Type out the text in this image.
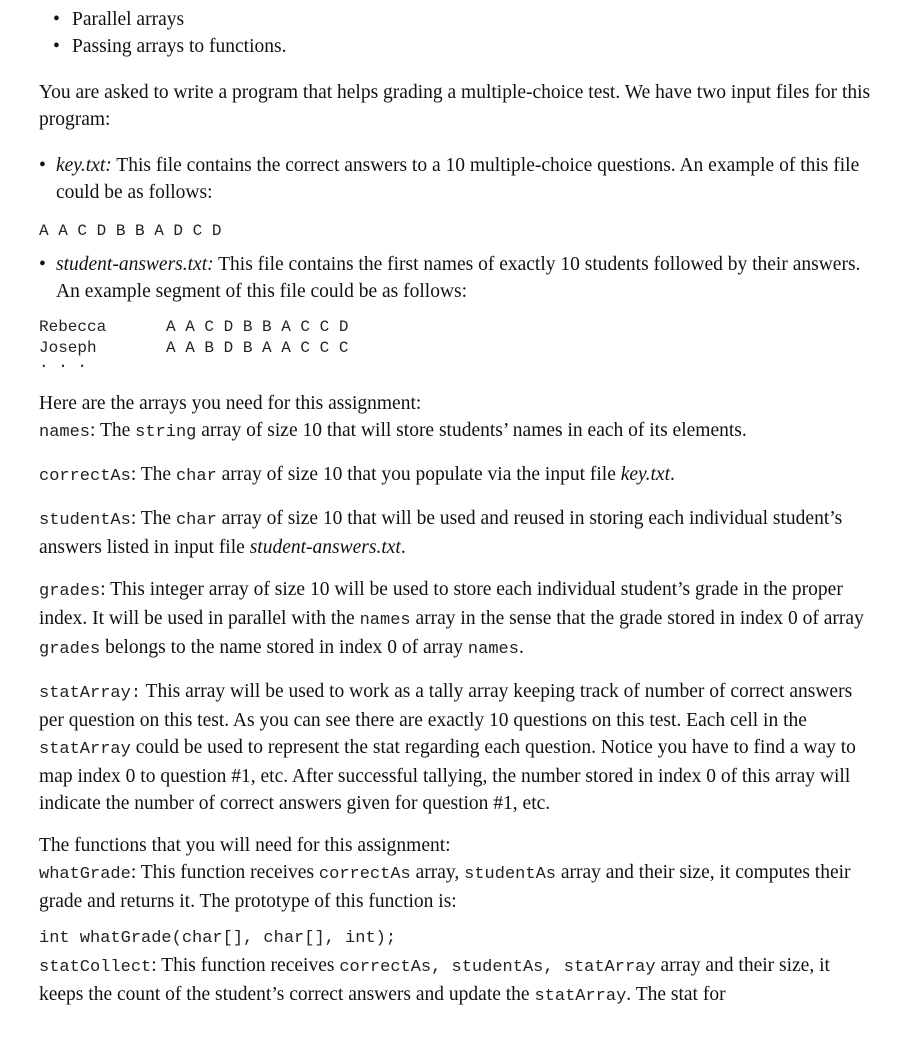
• Parallel arrays
• Passing arrays to functions.

You are asked to write a program that helps grading a multiple-choice test. We have two input files for this program:

• key.txt: This file contains the correct answers to a 10 multiple-choice questions. An example of this file could be as follows:
A A C D B B A D C D
• student-answers.txt: This file contains the first names of exactly 10 students followed by their answers. An example segment of this file could be as follows:
Rebecca	A A C D B B A C C D
Joseph	A A B D B A A C C C
. . .

Here are the arrays you need for this assignment:

names: The string array of size 10 that will store students’ names in each of its elements.

correctAs: The char array of size 10 that you populate via the input file key.txt.

studentAs: The char array of size 10 that will be used and reused in storing each individual student’s answers listed in input file student-answers.txt.

grades: This integer array of size 10 will be used to store each individual student’s grade in the proper index. It will be used in parallel with the names array in the sense that the grade stored in index 0 of array grades belongs to the name stored in index 0 of array names.

statArray: This array will be used to work as a tally array keeping track of number of correct answers per question on this test. As you can see there are exactly 10 questions on this test. Each cell in the statArray could be used to represent the stat regarding each question. Notice you have to find a way to map index 0 to question #1, etc. After successful tallying, the number stored in index 0 of this array will indicate the number of correct answers given for question #1, etc.

The functions that you will need for this assignment:

whatGrade: This function receives correctAs array, studentAs array and their size, it computes their grade and returns it. The prototype of this function is:

int whatGrade(char[], char[], int);

statCollect: This function receives correctAs, studentAs, statArray array and their size, it keeps the count of the student’s correct answers and update the statArray. The stat for
